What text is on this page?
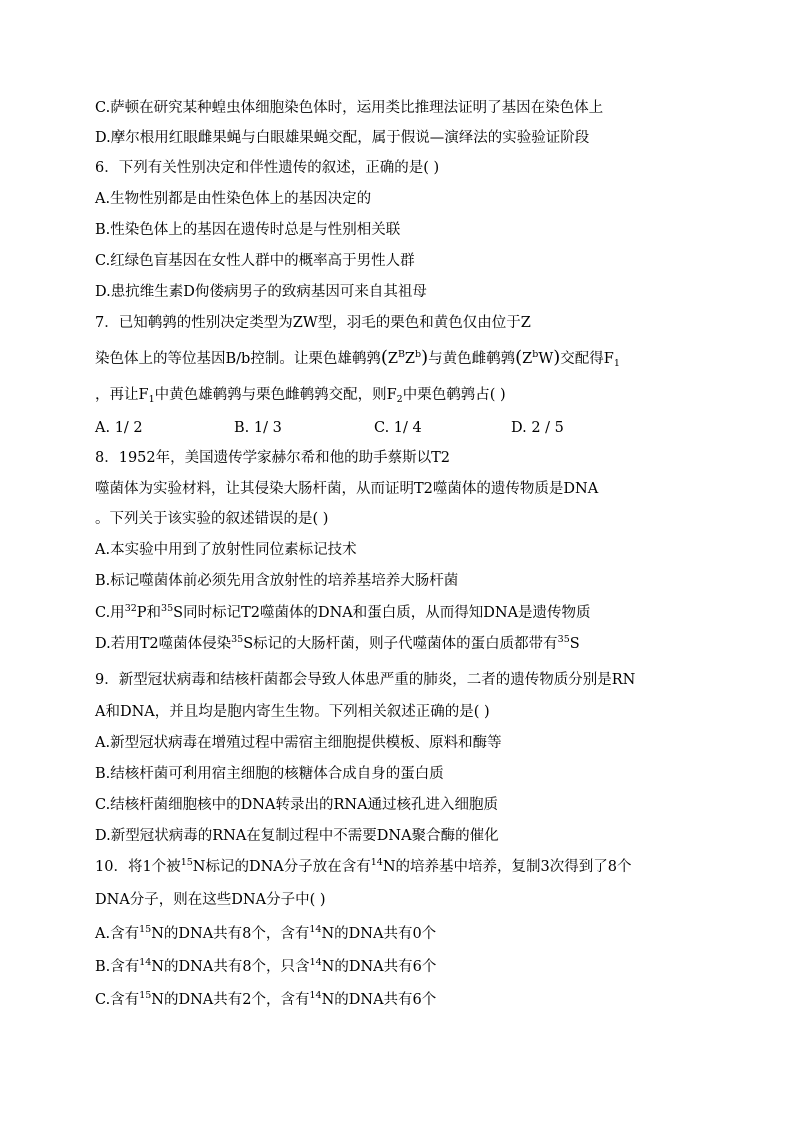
C.萨顿在研究某种蝗虫体细胞染色体时，运用类比推理法证明了基因在染色体上
D.摩尔根用红眼雌果蝇与白眼雄果蝇交配，属于假说—演绎法的实验验证阶段
6．下列有关性别决定和伴性遗传的叙述，正确的是( )
A.生物性别都是由性染色体上的基因决定的
B.性染色体上的基因在遗传时总是与性别相关联
C.红绿色盲基因在女性人群中的概率高于男性人群
D.患抗维生素D佝偻病男子的致病基因可来自其祖母
7．已知鹌鹑的性别决定类型为ZW型，羽毛的栗色和黄色仅由位于Z
染色体上的等位基因B/b控制。让栗色雄鹌鹑$(Z^BZ^b)$与黄色雌鹌鹑$(Z^bW)$交配得$F_1$
，再让$F_1$中黄色雄鹌鹑与栗色雌鹌鹑交配，则$F_2$中栗色鹌鹑占( )
A. 1/ 2	B. 1/ 3	C. 1/ 4	D. 2 / 5
8．1952年，美国遗传学家赫尔希和他的助手蔡斯以T2
噬菌体为实验材料，让其侵染大肠杆菌，从而证明T2噬菌体的遗传物质是DNA
。下列关于该实验的叙述错误的是( )
A.本实验中用到了放射性同位素标记技术
B.标记噬菌体前必须先用含放射性的培养基培养大肠杆菌
C.用$^{32}$P和$^{35}$S同时标记T2噬菌体的DNA和蛋白质，从而得知DNA是遗传物质
D.若用T2噬菌体侵染$^{35}$S标记的大肠杆菌，则子代噬菌体的蛋白质都带有$^{35}$S
9．新型冠状病毒和结核杆菌都会导致人体患严重的肺炎，二者的遗传物质分别是RN
A和DNA，并且均是胞内寄生生物。下列相关叙述正确的是( )
A.新型冠状病毒在增殖过程中需宿主细胞提供模板、原料和酶等
B.结核杆菌可利用宿主细胞的核糖体合成自身的蛋白质
C.结核杆菌细胞核中的DNA转录出的RNA通过核孔进入细胞质
D.新型冠状病毒的RNA在复制过程中不需要DNA聚合酶的催化
10．将1个被$^{15}$N标记的DNA分子放在含有$^{14}$N的培养基中培养，复制3次得到了8个
DNA分子，则在这些DNA分子中( )
A.含有$^{15}$N的DNA共有8个，含有$^{14}$N的DNA共有0个
B.含有$^{14}$N的DNA共有8个，只含$^{14}$N的DNA共有6个
C.含有$^{15}$N的DNA共有2个，含有$^{14}$N的DNA共有6个
